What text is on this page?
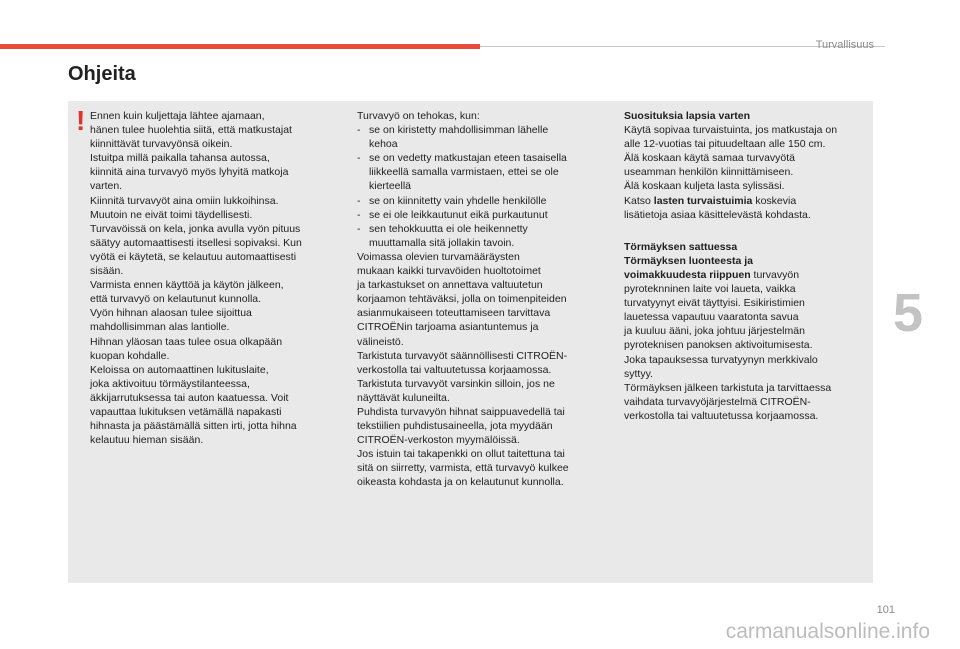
Turvallisuus
Ohjeita
! Ennen kuin kuljettaja lähtee ajamaan,
hänen tulee huolehtia siitä, että matkustajat
kiinnittävät turvavyönsä oikein.
Istuitpa millä paikalla tahansa autossa,
kiinnitä aina turvavyö myös lyhyitä matkoja
varten.
Kiinnitä turvavyöt aina omiin lukkoihinsa.
Muutoin ne eivät toimi täydellisesti.
Turvavöissä on kela, jonka avulla vyön pituus
säätyy automaattisesti itsellesi sopivaksi. Kun
vyötä ei käytetä, se kelautuu automaattisesti
sisään.
Varmista ennen käyttöä ja käytön jälkeen,
että turvavyö on kelautunut kunnolla.
Vyön hihnan alaosan tulee sijoittua
mahdollisimman alas lantiolle.
Hihnan yläosan taas tulee osua olkapään
kuopan kohdalle.
Keloissa on automaattinen lukituslaite,
joka aktivoituu törmäystilanteessa,
äkkijarrutuksessa tai auton kaatuessa. Voit
vapauttaa lukituksen vetämällä napakasti
hihnasta ja päästämällä sitten irti, jotta hihna
kelautuu hieman sisään.
Turvavyö on tehokas, kun:
-se on kiristetty mahdollisimman lähelle
kehoa
-se on vedetty matkustajan eteen tasaisella
liikkeellä samalla varmistaen, ettei se ole
kierteellä
-se on kiinnitetty vain yhdelle henkilölle
-se ei ole leikkautunut eikä purkautunut
-sen tehokkuutta ei ole heikennetty
muuttamalla sitä jollakin tavoin.
Voimassa olevien turvamääräysten
mukaan kaikki turvavöiden huoltotoimet
ja tarkastukset on annettava valtuutetun
korjaamon tehtäväksi, jolla on toimenpiteiden
asianmukaiseen toteuttamiseen tarvittava
CITROËNin tarjoama asiantuntemus ja
välineistö.
Tarkistuta turvavyöt säännöllisesti CITROËN-
verkostolla tai valtuutetussa korjaamossa.
Tarkistuta turvavyöt varsinkin silloin, jos ne
näyttävät kuluneilta.
Puhdista turvavyön hihnat saippuavedellä tai
tekstiilien puhdistusaineella, jota myydään
CITROËN-verkoston myymälöissä.
Jos istuin tai takapenkki on ollut taitettuna tai
sitä on siirretty, varmista, että turvavyö kulkee
oikeasta kohdasta ja on kelautunut kunnolla.
Suosituksia lapsia varten
Käytä sopivaa turvaistuinta, jos matkustaja on
alle 12-vuotias tai pituudeltaan alle 150 cm.
Älä koskaan käytä samaa turvavyötä
useamman henkilön kiinnittämiseen.
Älä koskaan kuljeta lasta sylissäsi.
Katso lasten turvaistuimia koskevia
lisätietoja asiaa käsittelevästä kohdasta.
Törmäyksen sattuessa
Törmäyksen luonteesta ja
voimakkuudesta riippuen turvavyön
pyroteknninen laite voi laueta, vaikka
turvatyynyt eivät täyttyisi. Esikiristimien
lauetessa vapautuu vaaratonta savua
ja kuuluu ääni, joka johtuu järjestelmän
pyroteknisen panoksen aktivoitumisesta.
Joka tapauksessa turvatyynyn merkkivalo
syttyy.
Törmäyksen jälkeen tarkistuta ja tarvittaessa
vaihdata turvavyöjärjestelmä CITROËN-
verkostolla tai valtuutetussa korjaamossa.
5
101
carmanualsonline.info
